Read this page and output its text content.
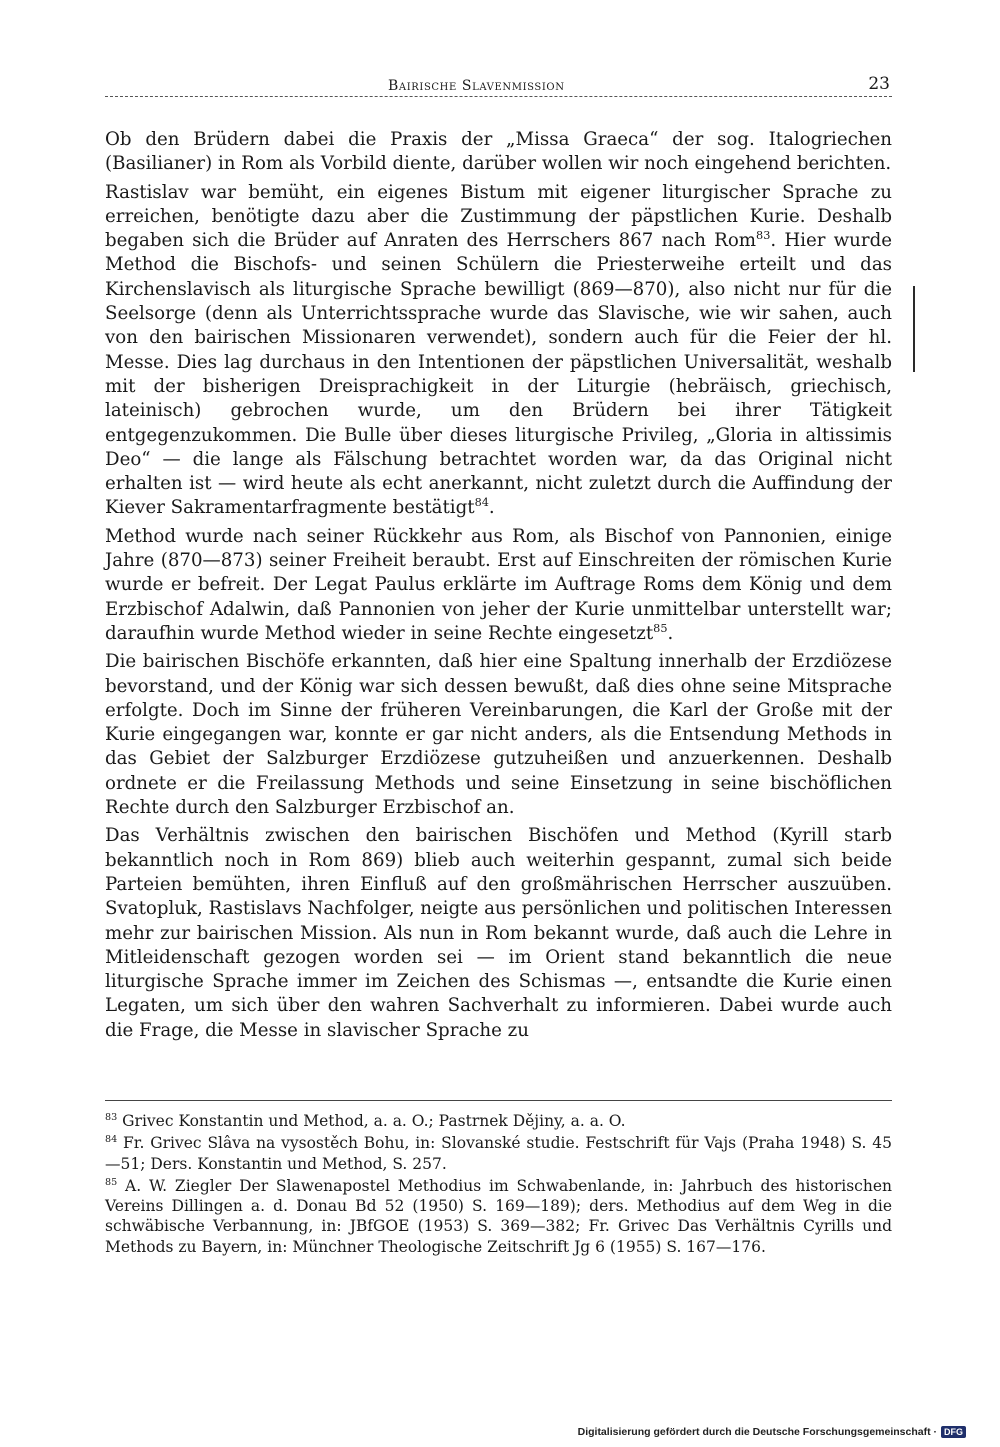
Bairische Slavenmission	23

Ob den Brüdern dabei die Praxis der „Missa Graeca“ der sog. Italogriechen (Basilianer) in Rom als Vorbild diente, darüber wollen wir noch eingehend berichten.

Rastislav war bemüht, ein eigenes Bistum mit eigener liturgischer Sprache zu erreichen, benötigte dazu aber die Zustimmung der päpstlichen Kurie. Deshalb begaben sich die Brüder auf Anraten des Herrschers 867 nach Rom$^{83}$. Hier wurde Method die Bischofs- und seinen Schülern die Priesterweihe erteilt und das Kirchenslavisch als liturgische Sprache bewilligt (869—870), also nicht nur für die Seelsorge (denn als Unterrichtssprache wurde das Slavische, wie wir sahen, auch von den bairischen Missionaren verwendet), sondern auch für die Feier der hl. Messe. Dies lag durchaus in den Intentionen der päpstlichen Universalität, weshalb mit der bisherigen Dreisprachigkeit in der Liturgie (hebräisch, griechisch, lateinisch) gebrochen wurde, um den Brüdern bei ihrer Tätigkeit entgegenzukommen. Die Bulle über dieses liturgische Privileg, „Gloria in altissimis Deo“ — die lange als Fälschung betrachtet worden war, da das Original nicht erhalten ist — wird heute als echt anerkannt, nicht zuletzt durch die Auffindung der Kiever Sakramentarfragmente bestätigt$^{84}$.

Method wurde nach seiner Rückkehr aus Rom, als Bischof von Pannonien, einige Jahre (870—873) seiner Freiheit beraubt. Erst auf Einschreiten der römischen Kurie wurde er befreit. Der Legat Paulus erklärte im Auftrage Roms dem König und dem Erzbischof Adalwin, daß Pannonien von jeher der Kurie unmittelbar unterstellt war; daraufhin wurde Method wieder in seine Rechte eingesetzt$^{85}$.

Die bairischen Bischöfe erkannten, daß hier eine Spaltung innerhalb der Erzdiözese bevorstand, und der König war sich dessen bewußt, daß dies ohne seine Mitsprache erfolgte. Doch im Sinne der früheren Vereinbarungen, die Karl der Große mit der Kurie eingegangen war, konnte er gar nicht anders, als die Entsendung Methods in das Gebiet der Salzburger Erzdiözese gutzuheißen und anzuerkennen. Deshalb ordnete er die Freilassung Methods und seine Einsetzung in seine bischöflichen Rechte durch den Salzburger Erzbischof an.

Das Verhältnis zwischen den bairischen Bischöfen und Method (Kyrill starb bekanntlich noch in Rom 869) blieb auch weiterhin gespannt, zumal sich beide Parteien bemühten, ihren Einfluß auf den großmährischen Herrscher auszuüben. Svatopluk, Rastislavs Nachfolger, neigte aus persönlichen und politischen Interessen mehr zur bairischen Mission. Als nun in Rom bekannt wurde, daß auch die Lehre in Mitleidenschaft gezogen worden sei — im Orient stand bekanntlich die neue liturgische Sprache immer im Zeichen des Schismas —, entsandte die Kurie einen Legaten, um sich über den wahren Sachverhalt zu informieren. Dabei wurde auch die Frage, die Messe in slavischer Sprache zu

$^{83}$ Grivec Konstantin und Method, a. a. O.; Pastrnek Dějiny, a. a. O.

$^{84}$ Fr. Grivec Slâva na vysostěch Bohu, in: Slovanské studie. Festschrift für Vajs (Praha 1948) S. 45—51; Ders. Konstantin und Method, S. 257.

$^{85}$ A. W. Ziegler Der Slawenapostel Methodius im Schwabenlande, in: Jahrbuch des historischen Vereins Dillingen a. d. Donau Bd 52 (1950) S. 169—189); ders. Methodius auf dem Weg in die schwäbische Verbannung, in: JBfGOE (1953) S. 369—382; Fr. Grivec Das Verhältnis Cyrills und Methods zu Bayern, in: Münchner Theologische Zeitschrift Jg 6 (1955) S. 167—176.

Digitalisierung gefördert durch die Deutsche Forschungsgemeinschaft · DFG
